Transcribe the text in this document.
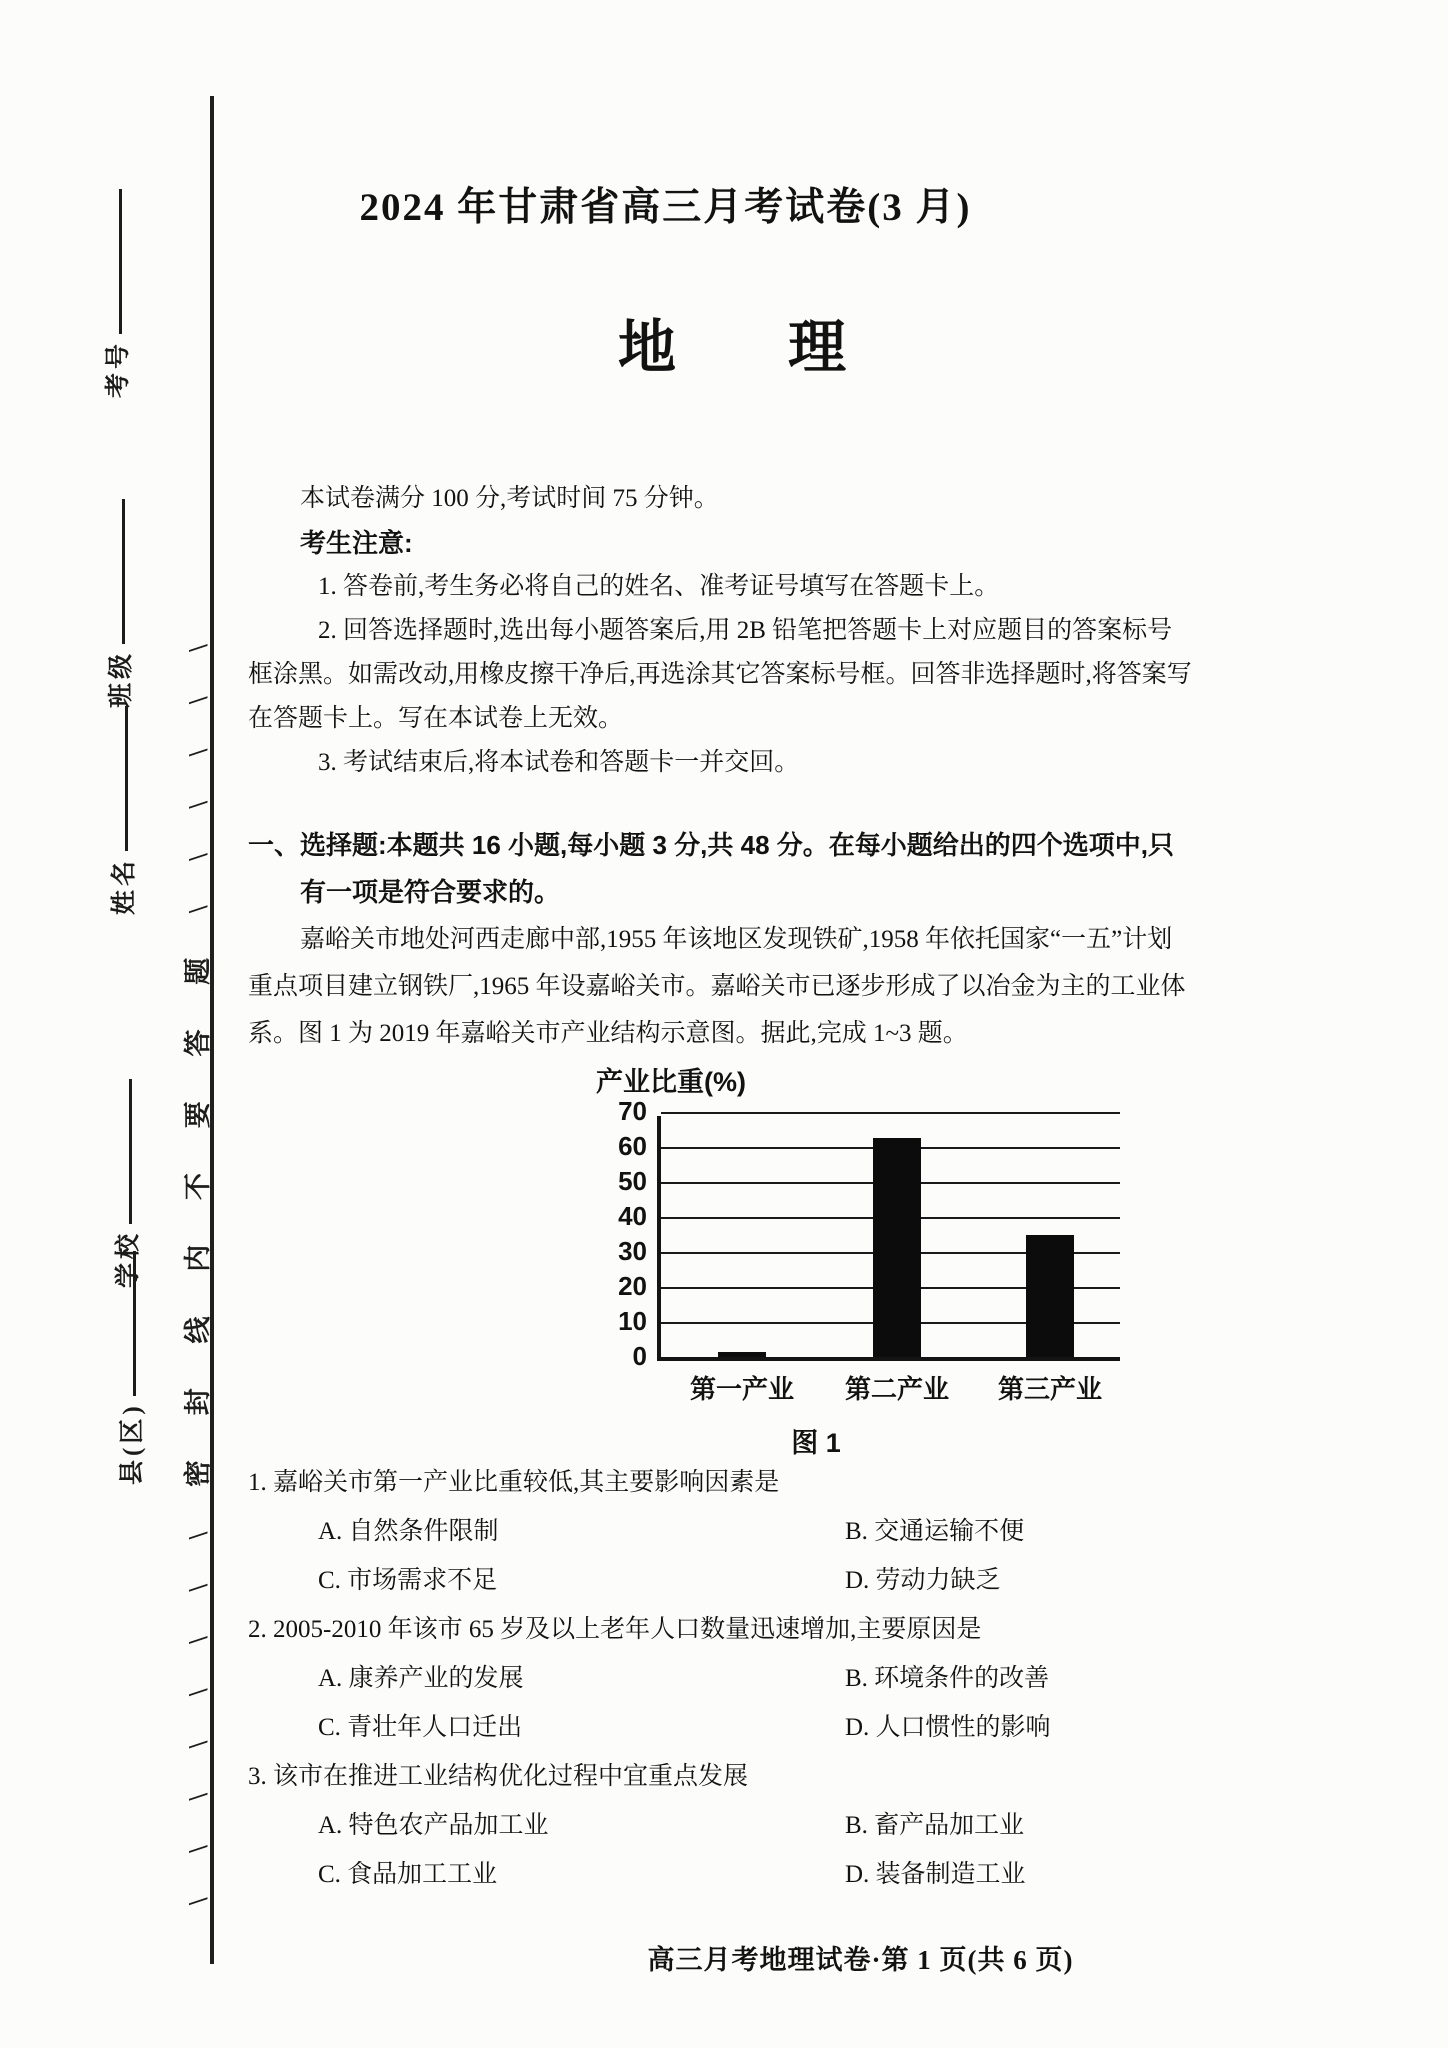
考号
班级
姓名
学校
县(区) \ \ \ \ \ \ \ \ 密 封 线 内 不 要 答 题 \ \ \ \ \ \
2024 年甘肃省高三月考试卷(3 月)
地理

本试卷满分 100 分,考试时间 75 分钟。

考生注意:

1. 答卷前,考生务必将自己的姓名、准考证号填写在答题卡上。

2. 回答选择题时,选出每小题答案后,用 2B 铅笔把答题卡上对应题目的答案标号框涂黑。如需改动,用橡皮擦干净后,再选涂其它答案标号框。回答非选择题时,将答案写在答题卡上。写在本试卷上无效。

3. 考试结束后,将本试卷和答题卡一并交回。

一、选择题:本题共 16 小题,每小题 3 分,共 48 分。在每小题给出的四个选项中,只有一项是符合要求的。

嘉峪关市地处河西走廊中部,1955 年该地区发现铁矿,1958 年依托国家“一五”计划重点项目建立钢铁厂,1965 年设嘉峪关市。嘉峪关市已逐步形成了以冶金为主的工业体系。图 1 为 2019 年嘉峪关市产业结构示意图。据此,完成 1~3 题。

产业比重(%)
0
10
20
30
40
50
60
70
第一产业	第二产业	第三产业
图 1
1. 嘉峪关市第一产业比重较低,其主要影响因素是
A. 自然条件限制	B. 交通运输不便
C. 市场需求不足	D. 劳动力缺乏
2. 2005-2010 年该市 65 岁及以上老年人口数量迅速增加,主要原因是
A. 康养产业的发展	B. 环境条件的改善
C. 青壮年人口迁出	D. 人口惯性的影响
3. 该市在推进工业结构优化过程中宜重点发展
A. 特色农产品加工业	B. 畜产品加工业
C. 食品加工工业	D. 装备制造工业
高三月考地理试卷·第 1 页(共 6 页)
